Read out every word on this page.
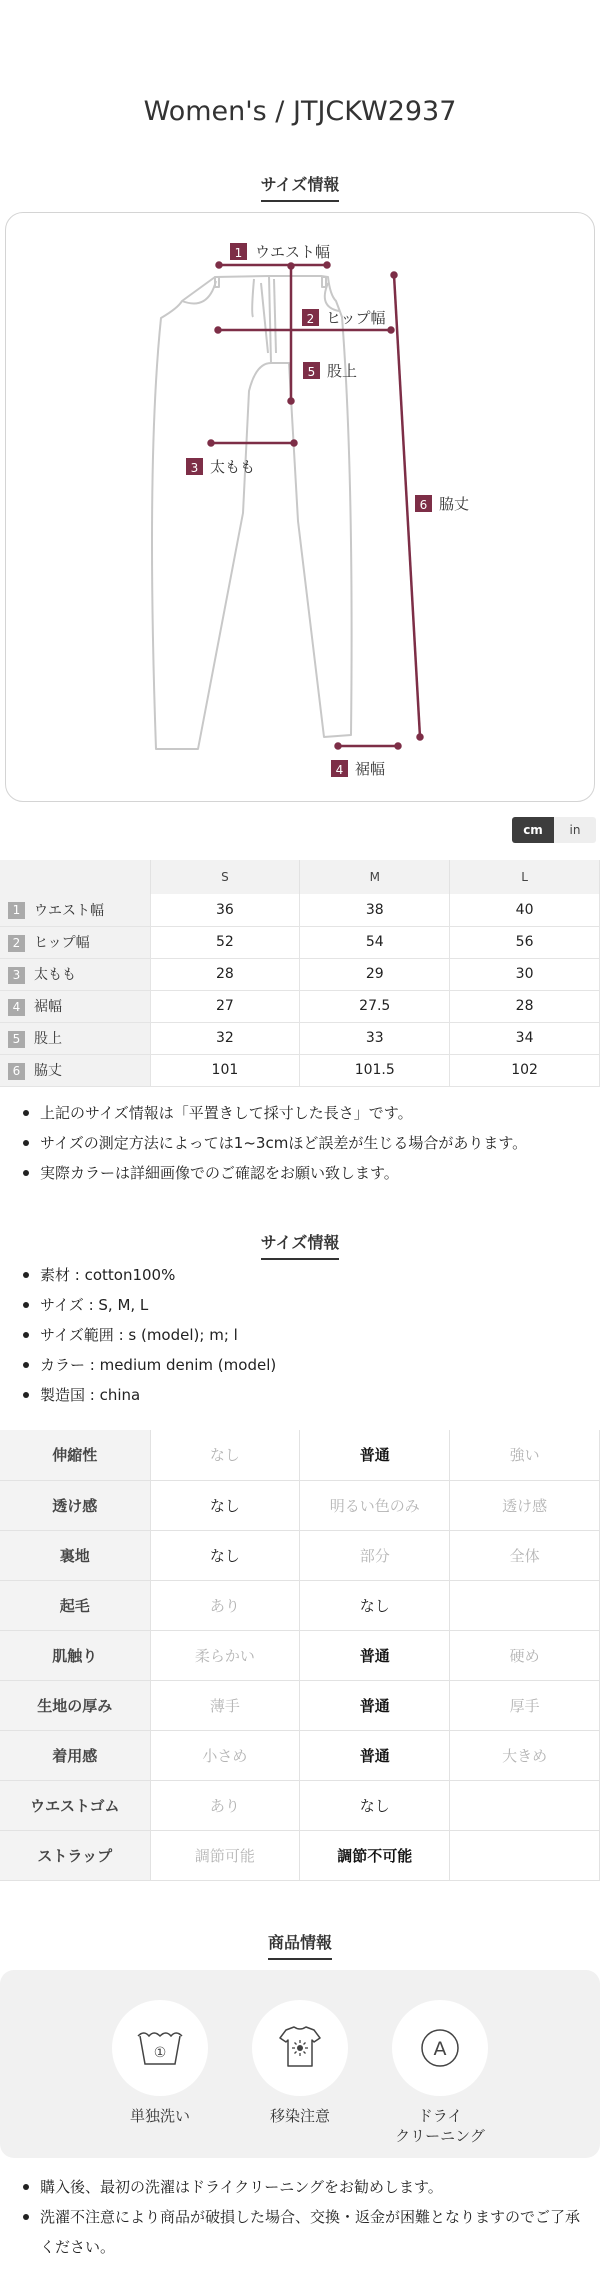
Women's / JTJCKW2937
サイズ情報
1 ウエスト幅
2 ヒップ幅
5 股上
3 太もも
6 脇丈
4 裾幅
cm	in
	S	M	L
1 ウエスト幅	36	38	40
2 ヒップ幅	52	54	56
3 太もも	28	29	30
4 裾幅	27	27.5	28
5 股上	32	33	34
6 脇丈	101	101.5	102
上記のサイズ情報は「平置きして採寸した長さ」です。
サイズの測定方法によっては1~3cmほど誤差が生じる場合があります。
実際カラーは詳細画像でのご確認をお願い致します。
サイズ情報
素材 : cotton100%
サイズ : S, M, L
サイズ範囲 : s (model); m; l
カラー : medium denim (model)
製造国 : china
伸縮性	なし	普通	強い
透け感	なし	明るい色のみ	透け感
裏地	なし	部分	全体
起毛	あり	なし	
肌触り	柔らかい	普通	硬め
生地の厚み	薄手	普通	厚手
着用感	小さめ	普通	大きめ
ウエストゴム	あり	なし	
ストラップ	調節可能	調節不可能	
商品情報
①
単独洗い	移染注意
A
ドライ
クリーニング
購入後、最初の洗濯はドライクリーニングをお勧めします。
洗濯不注意により商品が破損した場合、交換・返金が困難となりますのでご了承ください。
